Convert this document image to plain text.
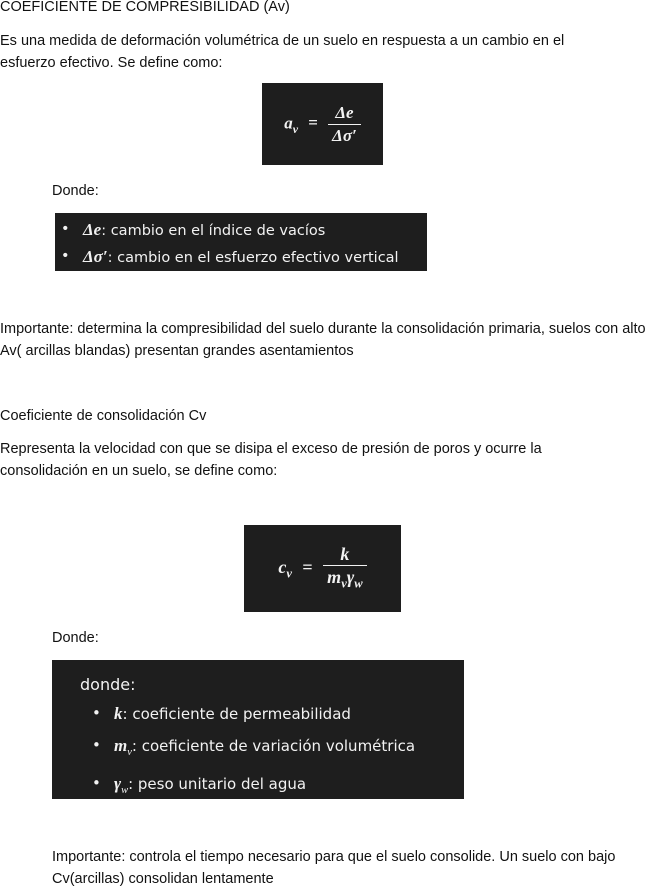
COEFICIENTE DE COMPRESIBILIDAD (Av)
Es una medida de deformación volumétrica de un suelo en respuesta a un cambio en el esfuerzo efectivo. Se define como:
$a_v = \frac{\Delta e}{\Delta\sigma'}$
Donde:
• Δe: cambio en el índice de vacíos
• Δσ′: cambio en el esfuerzo efectivo vertical
Importante: determina la compresibilidad del suelo durante la consolidación primaria, suelos con alto Av( arcillas blandas) presentan grandes asentamientos
Coeficiente de consolidación Cv
Representa la velocidad con que se disipa el exceso de presión de poros y ocurre la consolidación en un suelo, se define como:
$c_v = \frac{k}{m_v\gamma_w}$
Donde:
donde:
• k: coeficiente de permeabilidad
• $m_v$: coeficiente de variación volumétrica
• $\gamma_w$: peso unitario del agua
Importante: controla el tiempo necesario para que el suelo consolide. Un suelo con bajo Cv(arcillas) consolidan lentamente
